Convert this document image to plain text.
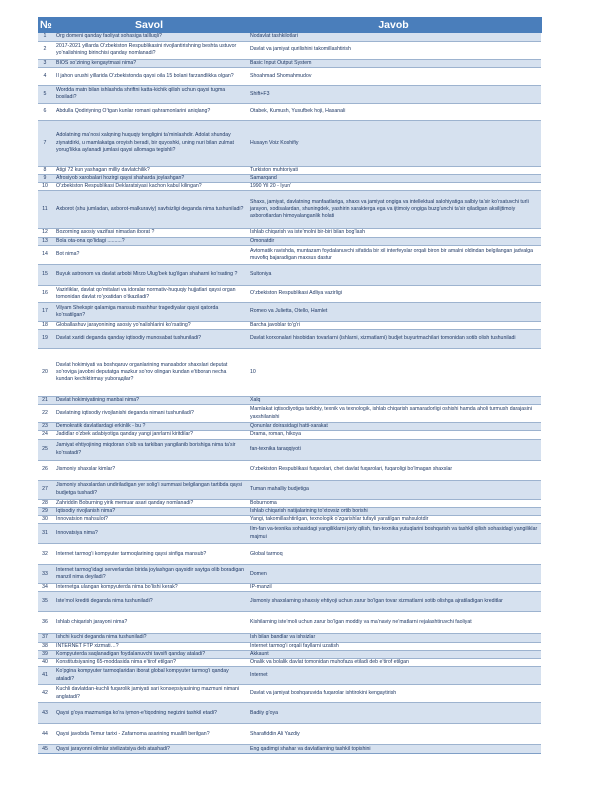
№	Savol	Javob
1	Org domeni qanday faoliyat sohasiga tallluqli?	Nodavlat tashkilotlari
2	2017-2021 yillarda O’zbekiston Respublikasini rivojlantirishning beshta ustuvor yo’nalishining birinchisi qanday nomlanadi?	Davlat va jamiyat qurilishini takomillashtirish
3	BIOS so’zining kengaytmasi nima?	Basic Input Output System
4	II jahon urushi yillarida O’zbekistonda qaysi oila 15 bolani farzandlikka olgan?	Shoahmad Shomahmudov
5	Wordda matn bilan ishlashda shriftni katta-kichik qilish uchun qaysi tugma bosiladi?	Shift+F3
6	Abdulla Qodiriyning O’tgan kunlar romani qahramonlarini aniqlang?	Otabek, Kumush, Yusufbek hoji, Hasanali
7	Adolatning ma’nosi xalqning huquqiy tengligini ta’minlashdir. Adolat shunday ziynatdirki, u mamlakatga oroyish beradi, bir quyoshki, uning nuri bilan zulmat yorug’likka aylanadi jumlasi qaysi allomaga tegishli?	Husayn Voiz Koshifiy
8	Atigi 72 kun yashagan milliy davlatchilik?	Turkiston muhtoriyati
9	Afrosiyob xarobalari hozirgi qaysi shaharda joylashgan?	Samarqand
10	O’zbekiston Respublikasi Deklaratsiyasi kachon kabul kilingan?	1990 Yil 20 - Iyun’
11	Axborot (shu jumladan, axborot-malkuraviy) xavfsizligi deganda nima tushuniladi?	Shaxs, jamiyat, davlatning manfaatlariga, shaxs va jamiyat ongiga va intellektual salohiyatiga salbiy ta’sir ko’rsatuvchi turli jarayon, xodisalardan, shuningdek, yashirin xarakterga ega va ijtimoiy ongiga buzg’unchi ta’sir qiladigan aksilijtimoiy axborotlardan himoyalanganlik holati
12	Bozorning asosiy vazifasi nimadan iborat ?	Ishlab chiqarish va iste’molni bir-biri bilan bog’lash
13	Bola ota-ona qo’lidagi ..........?	Omonatdir
14	Bot nima?	Avtomatik ravishda, muntazam foydalanuvchi sifatida bir xil interfeyslar orqali biron bir amalni oldindan belgilangan jadvalga muvofiq bajaradigan maxsus dastur
15	Buyuk astronom va davlat arbobi Mirzo Ulug’bek tug’ilgan shaharni ko’rsating ?	Sultoniya
16	Vazirliklar, davlat qo’mitalari va idoralar normativ-huquqiy hujjatlari qaysi organ tomonidan davlat ro’yxatidan o’tkaziladi?	O’zbekiston Respublikasi Adliya vazirligi
17	Vilyam Shekspir qalamiga mansub mashhur tragediyalar qaysi qatorda ko’rsatilgan?	Romeo va Julietta, Otello, Hamlet
18	Globallashuv jarayonining asosiy yo’nalishlarini ko’rsating?	Barcha javoblar to’g’ri
19	Davlat xaridi deganda qanday iqtisodiy munosabat tushuniladi?	Davlat korxonalari hisobidan tovarlarni (ishlarni, xizmatlarni) budjet buyurtmachilari tomonidan sotib olish tushuniladi
20	Davlat hokimiyati va boshqaruv organlarining mansabdor shaxslari deputat so’roviga javobni deputatga mazkur so’rov olingan kundan e’tiboran necha kundan kechiktirmay yuborадilar?	10
21	Davlat hokimiyatining manbai nima?	Xalq
22	Davlatning iqtisodiy rivojlanishi deganda nimani tushuniladi?	Mamlakat iqtisodiyotiga tarkibiy, texnik va texnologik, ishlab chiqarish samaradorligi oshishi hamda aholi turmush darajasini yaxshilanishi
23	Demokratik davlatlardagi erkinlik - bu ?	Qonunlar doirasidagi hatti-xarakat
24	Jadidlar o’zbek adabiyotiga qanday yangi janrlarni kiritdilar?	Drama, roman, hikoya
25	Jamiyat ehtiyojining miqdoran o’sib va tarkiban yangilanib borishiga nima ta’sir ko’rsatadi?	fan-texnika taraqqiyoti
26	Jismoniy shaxslar kimlar?	O’zbekiston Respublikasi fuqarolari, chet davlat fuqarolari, fuqaroligi bo’lmagan shaxslar
27	Jismoniy shaxslardan undiriladigan yer solig’i summasi belgilangan tartibda qaysi budjetga tushadi?	Tuman mahalliy budjetiga
28	Zahriddin Boburning yirik memuar asari qanday nomlanadi?	Boburnoma
29	Iqtisodiy rivojlanish nima?	Ishlab chiqarish natijalarining to’xtovsiz ortib borishi
30	Innovatsion mahsulot?	Yangi, takomillashtirilgan, texnologik o’zgarishlar tufayli yaratilgan mahsulotdir
31	Innovatsiya nima?	Ilm-fan va-texnika sohasidagi yangiliklarni joriy qilish, fan-texnika yutuqlarini boshqarish va tashkil qilish sohasidagi yangiliklar majmui
32	Internet tarmog’i kompyuter tarmoqlarining qaysi sinfiga mansub?	Global tarmoq
33	Internet tarmog’idagi serverlardan birida joylashgan qaysidir saytga olib boradigan manzil nima deyiladi?	Domen
34	Internetga ulangan kompyuterda nima bo’lishi kerak?	IP-manzil
35	Iste’mol krediti deganda nima tushuniladi?	Jismoniy shaxslarning shaxsiy ehtiyoji uchun zarur bo’lgan tovar xizmatlarni sotib olishga ajratiladigan kreditlar
36	Ishlab chiqarish jarayoni nima?	Kishilarning iste’moli uchun zarur bo’lgan moddiy va ma’naviy ne’matlarni rejalashtiruvchi faoliyat
37	Ishchi kuchi deganda nima tushuniladi?	Ish bilan bandlar va ishsizlar
38	INTERNET FTP xizmati…?	Internet tarmog’i orqali fayllarni uzatish
39	Kompyuterda saqlanadigan foydalanuvchi tavsifi qanday ataladi?	Akkaunt
40	Konstitutsiyaning 65-moddasida nima e’tirof etilgan?	Onalik va bolalik davlat tomonidan muhofaza etiladi deb e’tirof etilgan
41	Ko’pgina kompyuter tarmoqlaridan iborat global kompyuter tarmog’i qanday ataladi?	Internet
42	Kuchli davlatdan-kuchli fuqarolik jamiyati sari konsepsiyasining mazmuni nimani anglatadi?	Davlat va jamiyat boshqaruvida fuqarolar ishtirokini kengaytirish
43	Qaysi g’oya mazmuniga ko’ra iymon-e’tiqodning negizini tashkil etadi?	Badiiy g’oya
44	Qaysi javobda Temur tarixi - Zafarnoma asarining muallifi berilgan?	Sharafiddin Ali Yazdiy
45	Qaysi jarayonni olimlar sivilizatsiya deb atashadi?	Eng qadimgi shahar va davlatlarning tashkil topishini
